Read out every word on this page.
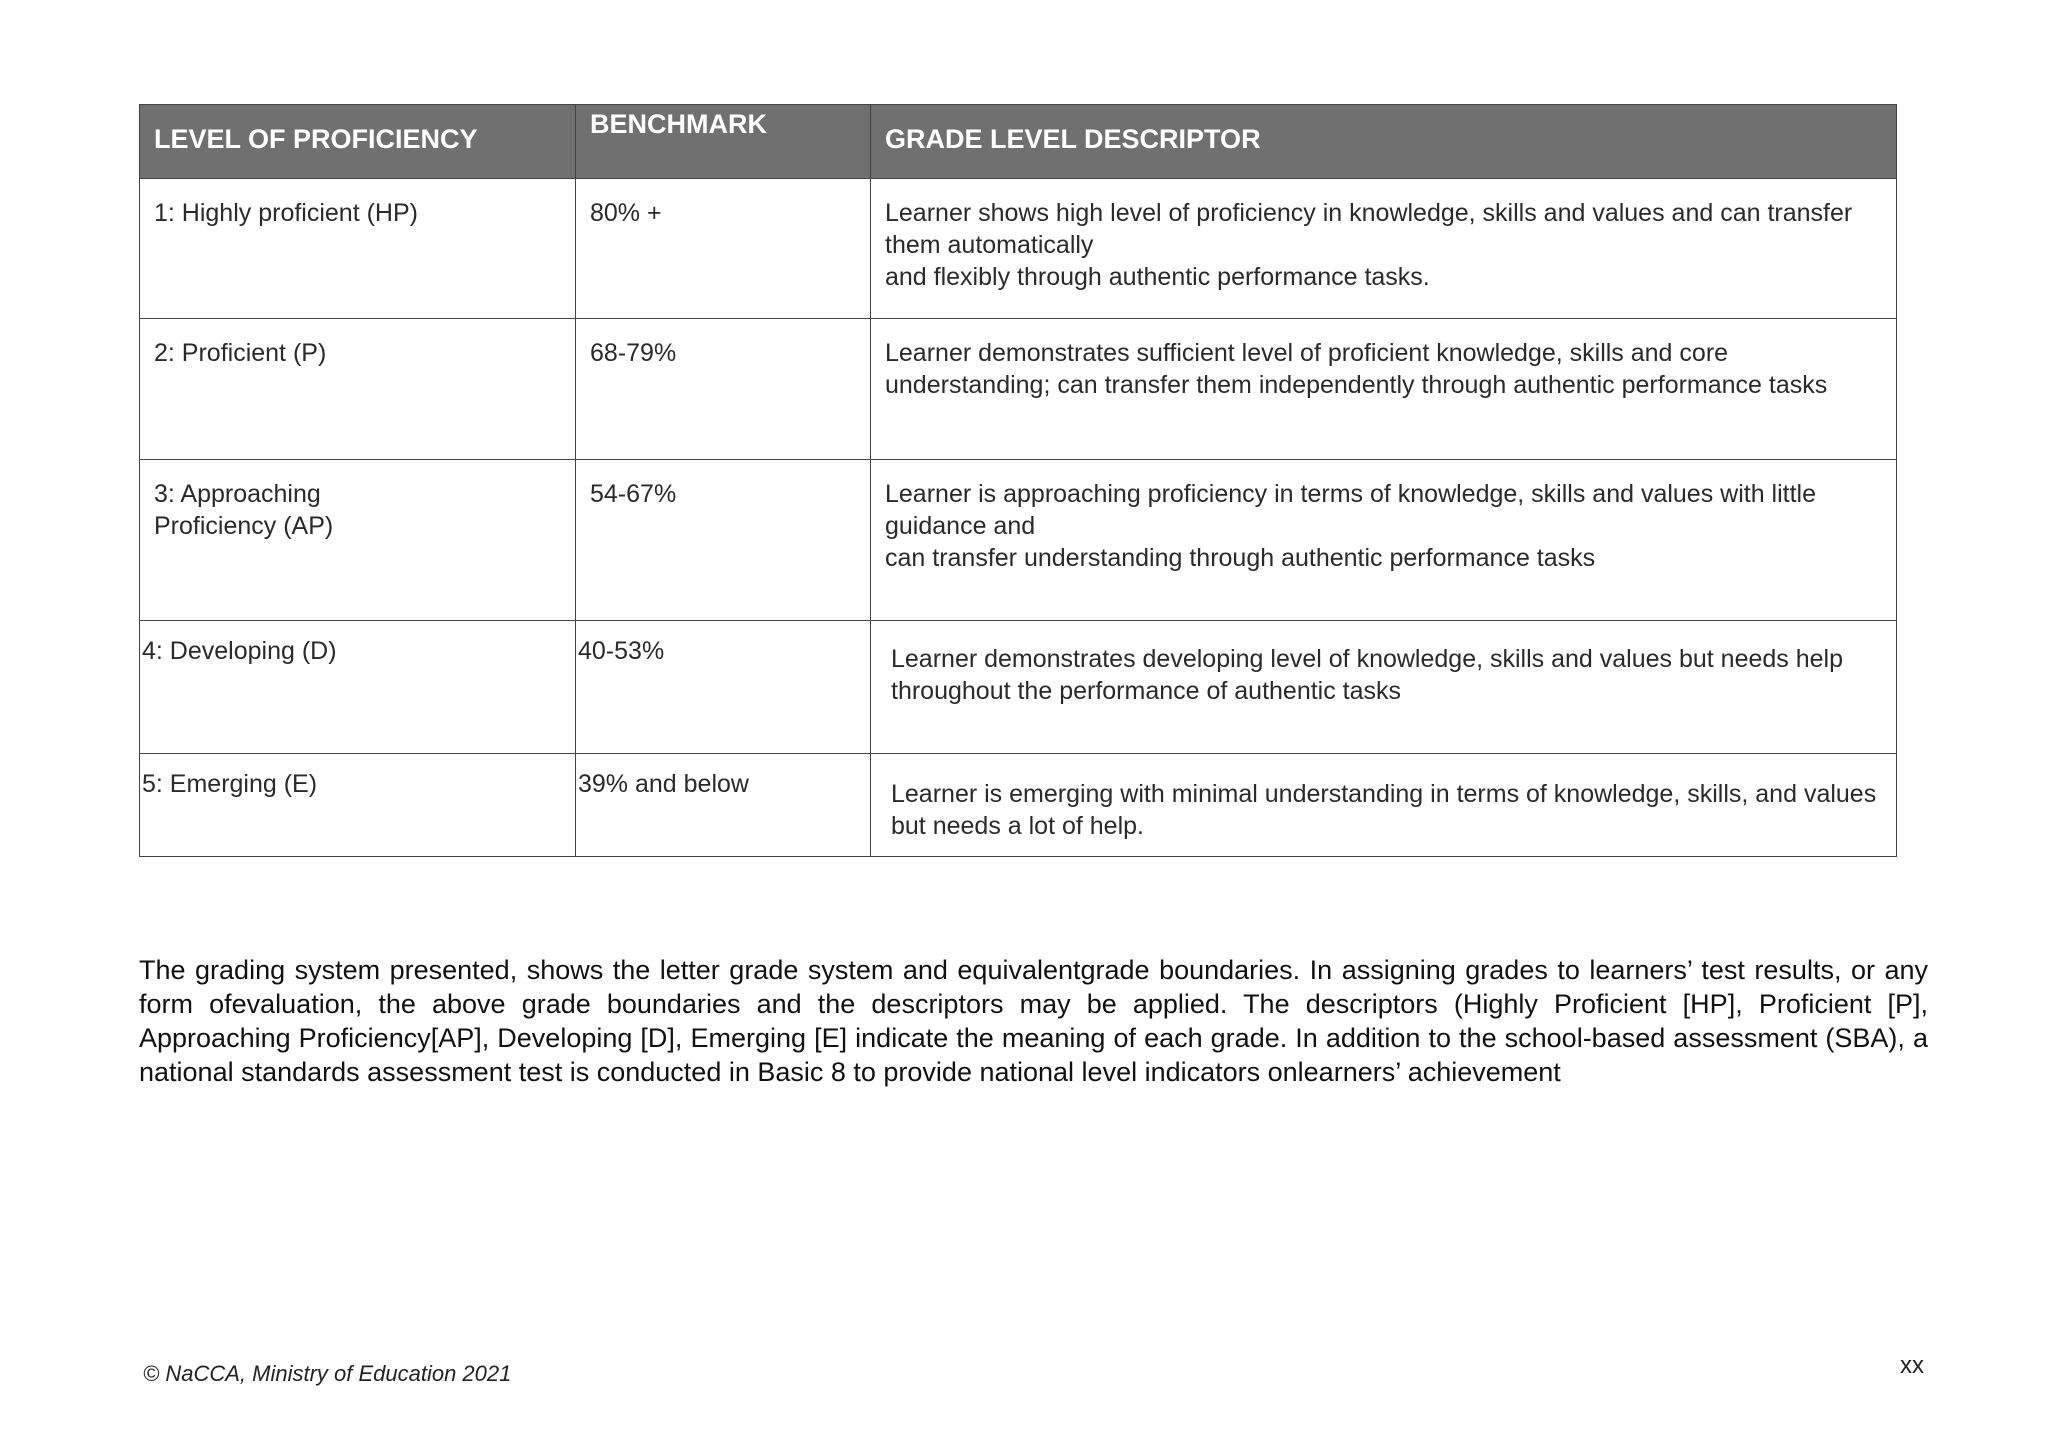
LEVEL OF PROFICIENCY	BENCHMARK	GRADE LEVEL DESCRIPTOR
1: Highly proficient (HP)	80% +	Learner shows high level of proficiency in knowledge, skills and values and can transfer them automatically
and flexibly through authentic performance tasks.

2: Proficient (P)	68-79%	Learner demonstrates sufficient level of proficient knowledge, skills and core understanding; can transfer them independently through authentic performance tasks

3: Approaching
Proficiency (AP)	54-67%	Learner is approaching proficiency in terms of knowledge, skills and values with little guidance and
can transfer understanding through authentic performance tasks

4: Developing (D)	40-53%	Learner demonstrates developing level of knowledge, skills and values but needs help throughout the performance of authentic tasks

5: Emerging (E)	39% and below	Learner is emerging with minimal understanding in terms of knowledge, skills, and values but needs a lot of help.

The grading system presented, shows the letter grade system and equivalentgrade boundaries. In assigning grades to learners’ test results, or any form ofevaluation, the above grade boundaries and the descriptors may be applied. The descriptors (Highly Proficient [HP], Proficient [P], Approaching Proficiency[AP], Developing [D], Emerging [E] indicate the meaning of each grade. In addition to the school-based assessment (SBA), a national standards assessment test is conducted in Basic 8 to provide national level indicators onlearners’ achievement

© NaCCA, Ministry of Education 2021	xx
